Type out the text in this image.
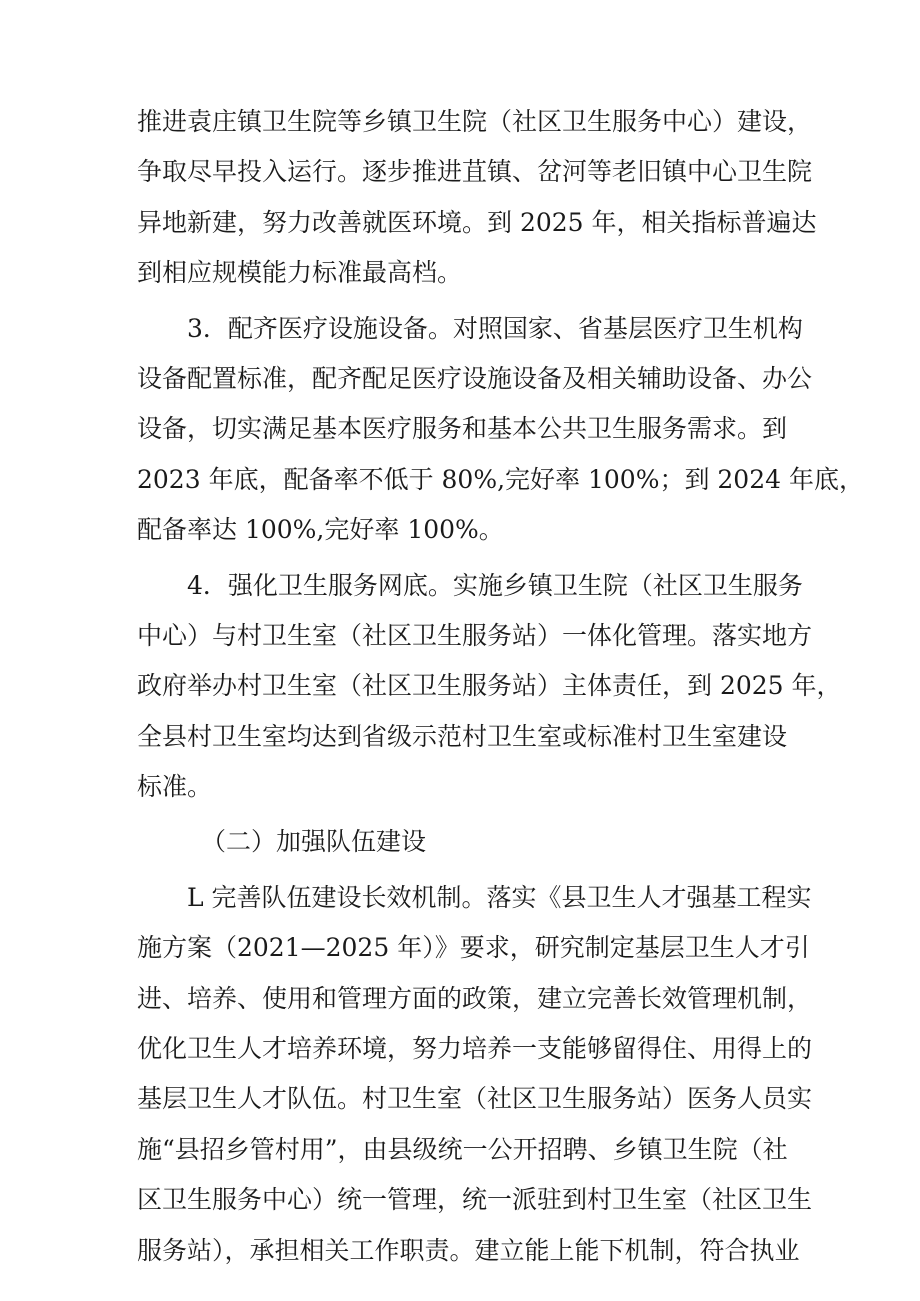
推进袁庄镇卫生院等乡镇卫生院（社区卫生服务中心）建设，
争取尽早投入运行。逐步推进苴镇、岔河等老旧镇中心卫生院
异地新建，努力改善就医环境。到 2025 年，相关指标普遍达
到相应规模能力标准最高档。
3．配齐医疗设施设备。对照国家、省基层医疗卫生机构
设备配置标准，配齐配足医疗设施设备及相关辅助设备、办公
设备，切实满足基本医疗服务和基本公共卫生服务需求。到
2023 年底，配备率不低于 80%,完好率 100%；到 2024 年底，
配备率达 100%,完好率 100%。
4．强化卫生服务网底。实施乡镇卫生院（社区卫生服务
中心）与村卫生室（社区卫生服务站）一体化管理。落实地方
政府举办村卫生室（社区卫生服务站）主体责任，到 2025 年，
全县村卫生室均达到省级示范村卫生室或标准村卫生室建设
标准。
（二）加强队伍建设
L 完善队伍建设长效机制。落实《县卫生人才强基工程实
施方案（2021—2025 年）》要求，研究制定基层卫生人才引
进、培养、使用和管理方面的政策，建立完善长效管理机制，
优化卫生人才培养环境，努力培养一支能够留得住、用得上的
基层卫生人才队伍。村卫生室（社区卫生服务站）医务人员实
施“县招乡管村用”，由县级统一公开招聘、乡镇卫生院（社
区卫生服务中心）统一管理，统一派驻到村卫生室（社区卫生
服务站），承担相关工作职责。建立能上能下机制，符合执业
